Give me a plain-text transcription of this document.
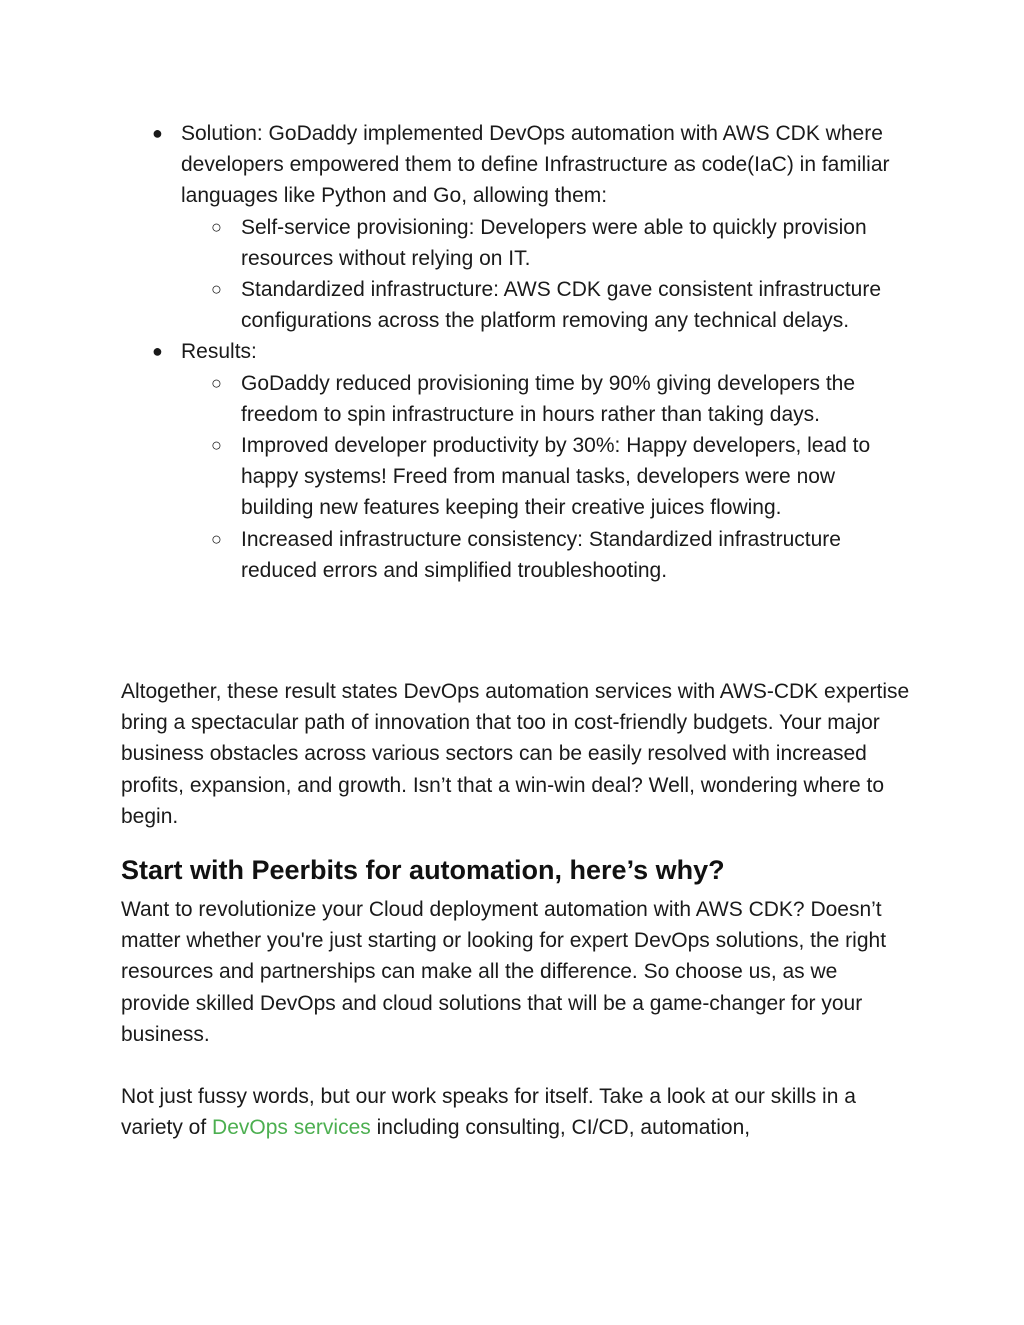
● Solution: GoDaddy implemented DevOps automation with AWS CDK where developers empowered them to define Infrastructure as code(IaC) in familiar languages like Python and Go, allowing them:
○ Self-service provisioning: Developers were able to quickly provision resources without relying on IT.
○ Standardized infrastructure: AWS CDK gave consistent infrastructure configurations across the platform removing any technical delays.
● Results:
○ GoDaddy reduced provisioning time by 90% giving developers the freedom to spin infrastructure in hours rather than taking days.
○ Improved developer productivity by 30%: Happy developers, lead to happy systems! Freed from manual tasks, developers were now building new features keeping their creative juices flowing.
○ Increased infrastructure consistency: Standardized infrastructure reduced errors and simplified troubleshooting.

Altogether, these result states DevOps automation services with AWS-CDK expertise bring a spectacular path of innovation that too in cost-friendly budgets. Your major business obstacles across various sectors can be easily resolved with increased profits, expansion, and growth. Isn’t that a win-win deal? Well, wondering where to begin.

Start with Peerbits for automation, here’s why?

Want to revolutionize your Cloud deployment automation with AWS CDK? Doesn’t matter whether you're just starting or looking for expert DevOps solutions, the right resources and partnerships can make all the difference. So choose us, as we provide skilled DevOps and cloud solutions that will be a game-changer for your business.

Not just fussy words, but our work speaks for itself. Take a look at our skills in a variety of DevOps services including consulting, CI/CD, automation,
